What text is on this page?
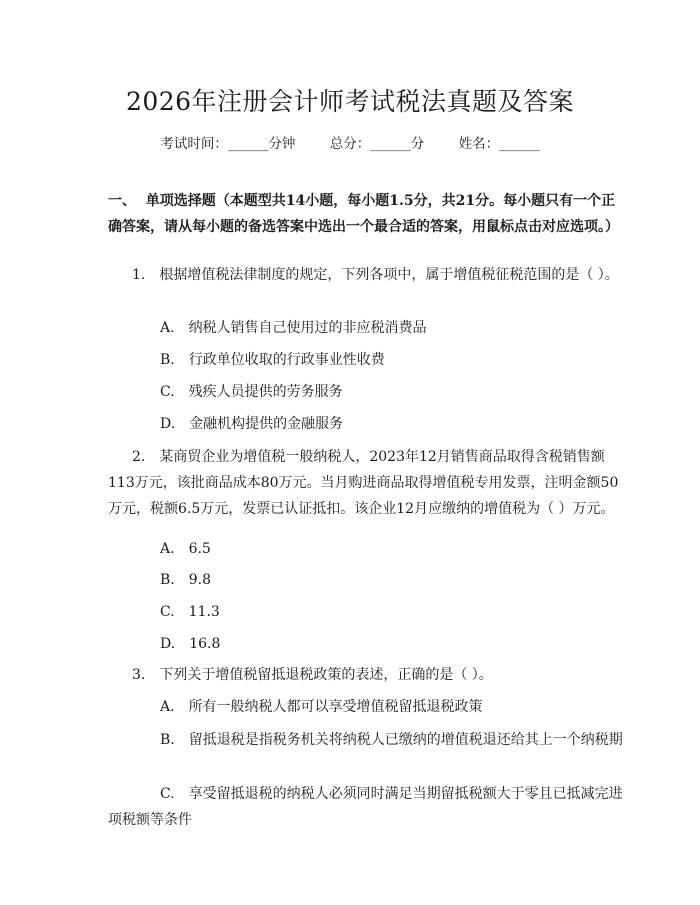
2026年注册会计师考试税法真题及答案
考试时间：______分钟	总分：______分	姓名：______
一、 单项选择题（本题型共14小题，每小题1.5分，共21分。每小题只有一个正确答案，请从每小题的备选答案中选出一个最合适的答案，用鼠标点击对应选项。）
1. 根据增值税法律制度的规定，下列各项中，属于增值税征税范围的是（ ）。
A. 纳税人销售自己使用过的非应税消费品
B. 行政单位收取的行政事业性收费
C. 残疾人员提供的劳务服务
D. 金融机构提供的金融服务
2. 某商贸企业为增值税一般纳税人，2023年12月销售商品取得含税销售额113万元，该批商品成本80万元。当月购进商品取得增值税专用发票，注明金额50万元，税额6.5万元，发票已认证抵扣。该企业12月应缴纳的增值税为（ ）万元。
A. 6.5
B. 9.8
C. 11.3
D. 16.8
3. 下列关于增值税留抵退税政策的表述，正确的是（ ）。
A. 所有一般纳税人都可以享受增值税留抵退税政策
B. 留抵退税是指税务机关将纳税人已缴纳的增值税退还给其上一个纳税期
C. 享受留抵退税的纳税人必须同时满足当期留抵税额大于零且已抵减完进项税额等条件
